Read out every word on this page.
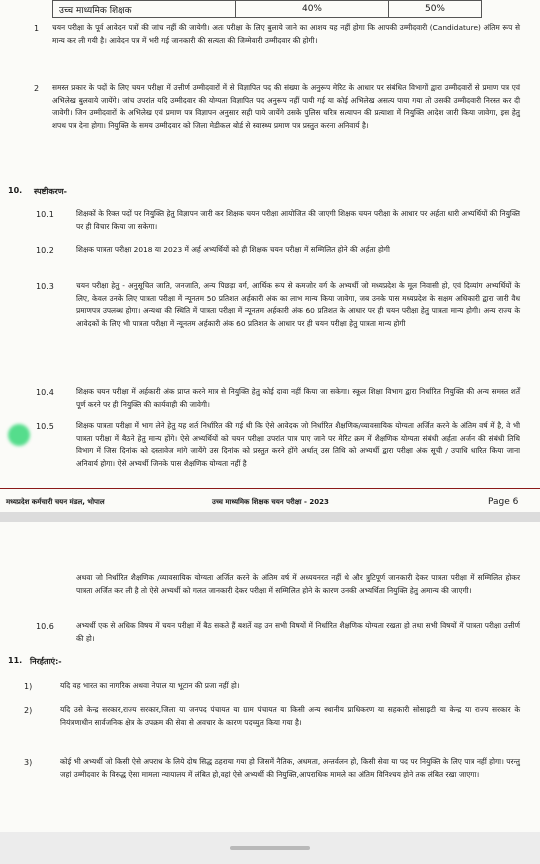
उच्च माध्यमिक शिक्षक	40%	50%
1 चयन परीक्षा के पूर्व आवेदन पत्रों की जांच नहीं की जायेगी। अतः परीक्षा के लिए बुलाये जाने का आशय यह नहीं होगा कि आपकी उम्मीदवारी (Candidature) अंतिम रूप से मान्य कर ली गयी है। आवेदन पत्र में भरी गई जानकारी की सत्यता की जिम्मेवारी उम्मीदवार की होगी।
2 समस्त प्रकार के पदों के लिए चयन परीक्षा में उत्तीर्ण उम्मीदवारों में से विज्ञापित पद की संख्या के अनुरूप मेरिट के आधार पर संबंधित विभागों द्वारा उम्मीदवारों से प्रमाण पत्र एवं अभिलेख बुलवाये जायेंगे। जांच उपरांत यदि उम्मीदवार की योग्यता विज्ञापित पद अनुरूप नहीं पायी गई या कोई अभिलेख असत्य पाया गया तो उसकी उम्मीदवारी निरस्त कर दी जावेगी। जिन उम्मीदवारों के अभिलेख एवं प्रमाण पत्र विज्ञापन अनुसार सही पाये जायेंगे उसके पुलिस चरित्र सत्यापन की प्रत्याशा में नियुक्ति आदेश जारी किया जावेगा, इस हेतु शपथ पत्र देना होगा। नियुक्ति के समय उम्मीदवार को जिला मेडीकल बोर्ड से स्वास्थ्य प्रमाण पत्र प्रस्तुत करना अनिवार्य है।
10. स्पष्टीकरण-
10.1	शिक्षकों के रिक्त पदों पर नियुक्ति हेतु विज्ञापन जारी कर शिक्षक चयन परीक्षा आयोजित की जाएगी शिक्षक चयन परीक्षा के आधार पर अर्हता धारी अभ्यर्थियों की नियुक्ति पर ही विचार किया जा सकेगा।
10.2	शिक्षक पात्रता परीक्षा 2018 या 2023 में अर्ह अभ्यर्थियों को ही शिक्षक चयन परीक्षा में सम्मिलित होने की अर्हता होगी
10.3	चयन परीक्षा हेतु - अनुसूचित जाति, जनजाति, अन्य पिछड़ा वर्ग, आर्थिक रूप से कमजोर वर्ग के अभ्यर्थी जो मध्यप्रदेश के मूल निवासी हो, एवं दिव्यांग अभ्यर्थियों के लिए, केवल उनके लिए पात्रता परीक्षा में न्यूनतम 50 प्रतिशत अर्हकारी अंक का लाभ मान्य किया जावेगा, जब उनके पास मध्यप्रदेश के सक्षम अधिकारी द्वारा जारी वैध प्रमाणपत्र उपलब्ध होगा। अन्यथा की स्थिति में पात्रता परीक्षा में न्यूनतम अर्हकारी अंक 60 प्रतिशत के आधार पर ही चयन परीक्षा हेतु पात्रता मान्य होगी। अन्य राज्य के आवेदकों के लिए भी पात्रता परीक्षा में न्यूनतम अर्हकारी अंक 60 प्रतिशत के आधार पर ही चयन परीक्षा हेतु पात्रता मान्य होगी
10.4	शिक्षक चयन परीक्षा में अर्हकारी अंक प्राप्त करने मात्र से नियुक्ति हेतु कोई दावा नहीं किया जा सकेगा। स्कूल शिक्षा विभाग द्वारा निर्धारित नियुक्ति की अन्य समस्त शर्तें पूर्ण करने पर ही नियुक्ति की कार्यवाही की जावेगी।
10.5	शिक्षक पात्रता परीक्षा में भाग लेने हेतु यह शर्त निर्धारित की गई थी कि ऐसे आवेदक जो निर्धारित शैक्षणिक/व्यावसायिक योग्यता अर्जित करने के अंतिम वर्ष में है, वे भी पात्रता परीक्षा में बैठने हेतु मान्य होंगे। ऐसे अभ्यर्थियों को चयन परीक्षा उपरांत पात्र पाए जाने पर मेरिट क्रम में शैक्षणिक योग्यता संबंधी अर्हता अर्जन की संबंधी तिथि विभाग में जिस दिनांक को दस्तावेज मांगे जायेंगे उस दिनांक को प्रस्तुत करने होंगे अर्थात् उस तिथि को अभ्यर्थी द्वारा परीक्षा अंक सूची / उपाधि धारित किया जाना अनिवार्य होगा। ऐसे अभ्यर्थी जिनके पास शैक्षणिक योग्यता नहीं है
मध्यप्रदेश कर्मचारी चयन मंडल, भोपाल	उच्च माध्यमिक शिक्षक चयन परीक्षा - 2023	Page 6
अथवा जो निर्धारित शैक्षणिक /व्यावसायिक योग्यता अर्जित करने के अंतिम वर्ष में अध्ययनरत नहीं थे और त्रुटिपूर्ण जानकारी देकर पात्रता परीक्षा में सम्मिलित होकर पात्रता अर्जित कर ली है तो ऐसे अभ्यर्थी को गलत जानकारी देकर परीक्षा में सम्मिलित होने के कारण उनकी अभ्यर्थिता नियुक्ति हेतु अमान्य की जाएगी।
10.6	अभ्यर्थी एक से अधिक विषय में चयन परीक्षा में बैठ सकते हैं बशर्ते वह उन सभी विषयों में निर्धारित शैक्षणिक योग्यता रखता हो तथा सभी विषयों में पात्रता परीक्षा उत्तीर्ण की हो।
11. निरर्हताएं:-
1)	यदि वह भारत का नागरिक अथवा नेपाल या भूटान की प्रजा नहीं हो।
2)	यदि उसे केन्द्र सरकार,राज्य सरकार,जिला या जनपद पंचायत या ग्राम पंचायत या किसी अन्य स्थानीय प्राधिकरण या सहकारी सोसाइटी या केन्द्र या राज्य सरकार के नियंत्रणाधीन सार्वजनिक क्षेत्र के उपक्रम की सेवा से अवचार के कारण पदच्युत किया गया है।
3)	कोई भी अभ्यर्थी जो किसी ऐसे अपराध के लिये दोष सिद्ध ठहराया गया हो जिसमें नैतिक, अधमता, अन्तर्वलन हो, किसी सेवा या पद पर नियुक्ति के लिए पात्र नहीं होगा। परन्तु जहां उम्मीदवार के विरुद्ध ऐसा मामला न्यायालय में लंबित हो,वहां ऐसे अभ्यर्थी की नियुक्ति,आपराधिक मामले का अंतिम विनिश्चय होने तक लंबित रखा जाएगा।
